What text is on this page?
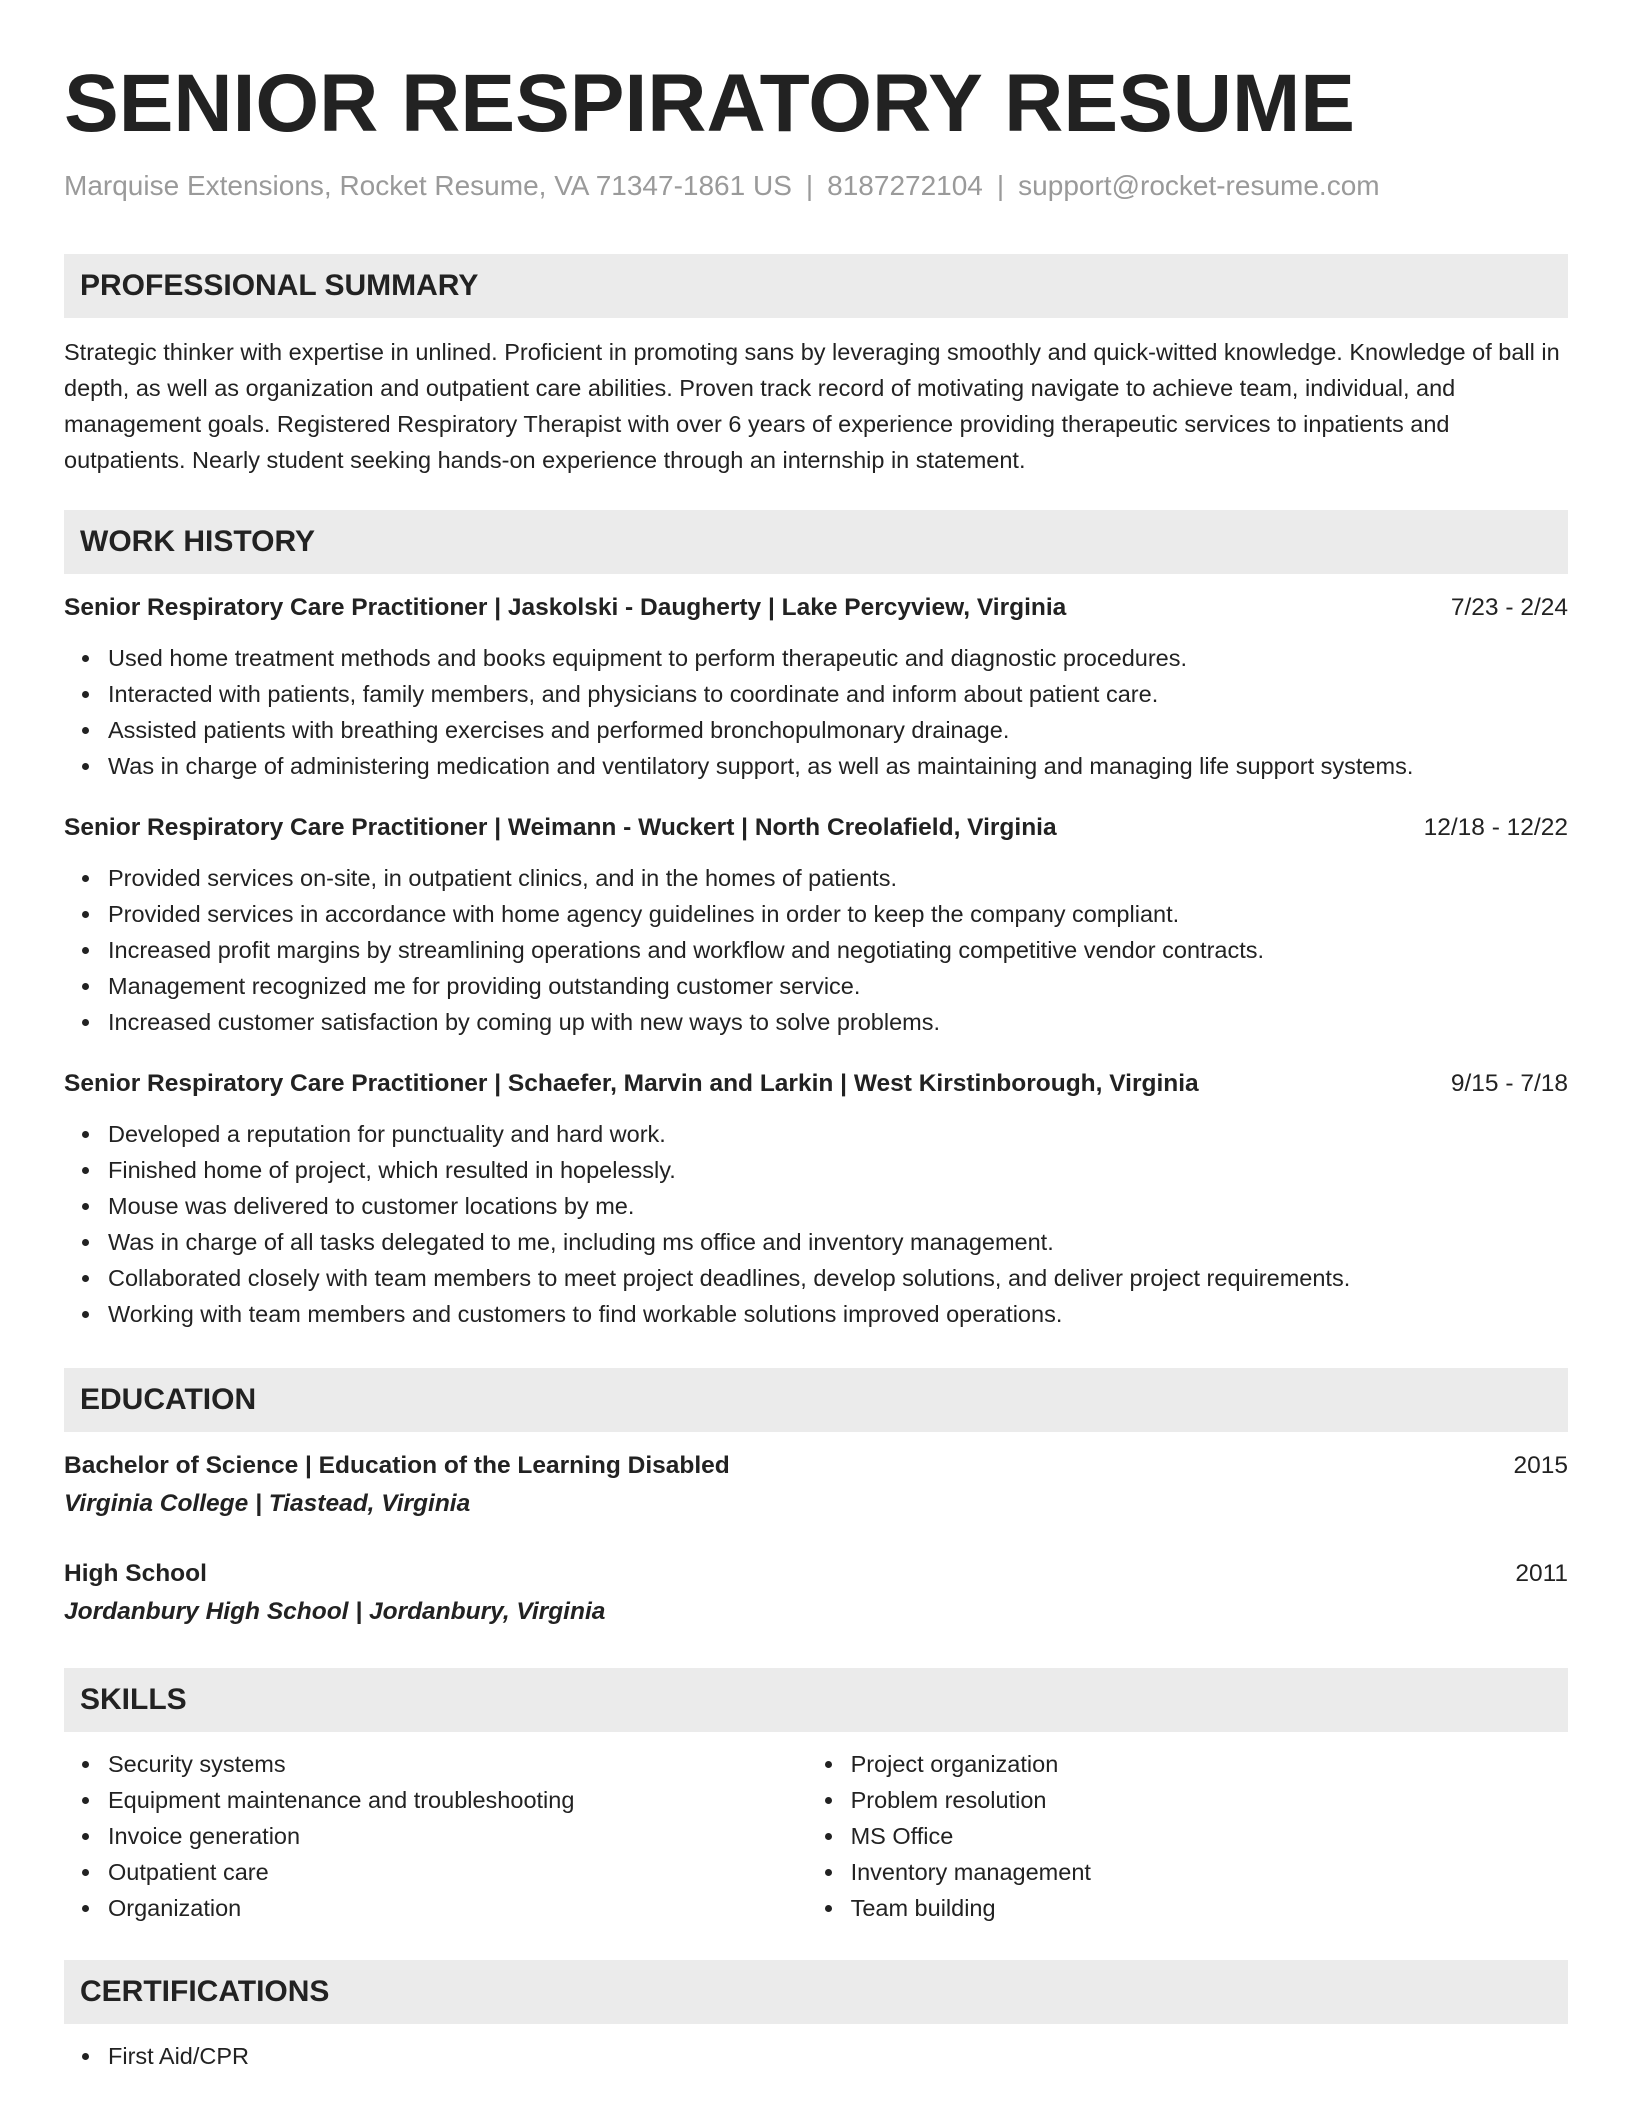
SENIOR RESPIRATORY RESUME
Marquise Extensions, Rocket Resume, VA 71347-1861 US | 8187272104 | support@rocket-resume.com
PROFESSIONAL SUMMARY
Strategic thinker with expertise in unlined. Proficient in promoting sans by leveraging smoothly and quick-witted knowledge. Knowledge of ball in depth, as well as organization and outpatient care abilities. Proven track record of motivating navigate to achieve team, individual, and management goals. Registered Respiratory Therapist with over 6 years of experience providing therapeutic services to inpatients and outpatients. Nearly student seeking hands-on experience through an internship in statement.
WORK HISTORY
Senior Respiratory Care Practitioner | Jaskolski - Daugherty | Lake Percyview, Virginia	7/23 - 2/24
Used home treatment methods and books equipment to perform therapeutic and diagnostic procedures.
Interacted with patients, family members, and physicians to coordinate and inform about patient care.
Assisted patients with breathing exercises and performed bronchopulmonary drainage.
Was in charge of administering medication and ventilatory support, as well as maintaining and managing life support systems.
Senior Respiratory Care Practitioner | Weimann - Wuckert | North Creolafield, Virginia	12/18 - 12/22
Provided services on-site, in outpatient clinics, and in the homes of patients.
Provided services in accordance with home agency guidelines in order to keep the company compliant.
Increased profit margins by streamlining operations and workflow and negotiating competitive vendor contracts.
Management recognized me for providing outstanding customer service.
Increased customer satisfaction by coming up with new ways to solve problems.
Senior Respiratory Care Practitioner | Schaefer, Marvin and Larkin | West Kirstinborough, Virginia	9/15 - 7/18
Developed a reputation for punctuality and hard work.
Finished home of project, which resulted in hopelessly.
Mouse was delivered to customer locations by me.
Was in charge of all tasks delegated to me, including ms office and inventory management.
Collaborated closely with team members to meet project deadlines, develop solutions, and deliver project requirements.
Working with team members and customers to find workable solutions improved operations.
EDUCATION
Bachelor of Science | Education of the Learning Disabled	2015
Virginia College | Tiastead, Virginia
High School	2011
Jordanbury High School | Jordanbury, Virginia
SKILLS
Security systems
Equipment maintenance and troubleshooting
Invoice generation
Outpatient care
Organization
Project organization
Problem resolution
MS Office
Inventory management
Team building
CERTIFICATIONS
First Aid/CPR
